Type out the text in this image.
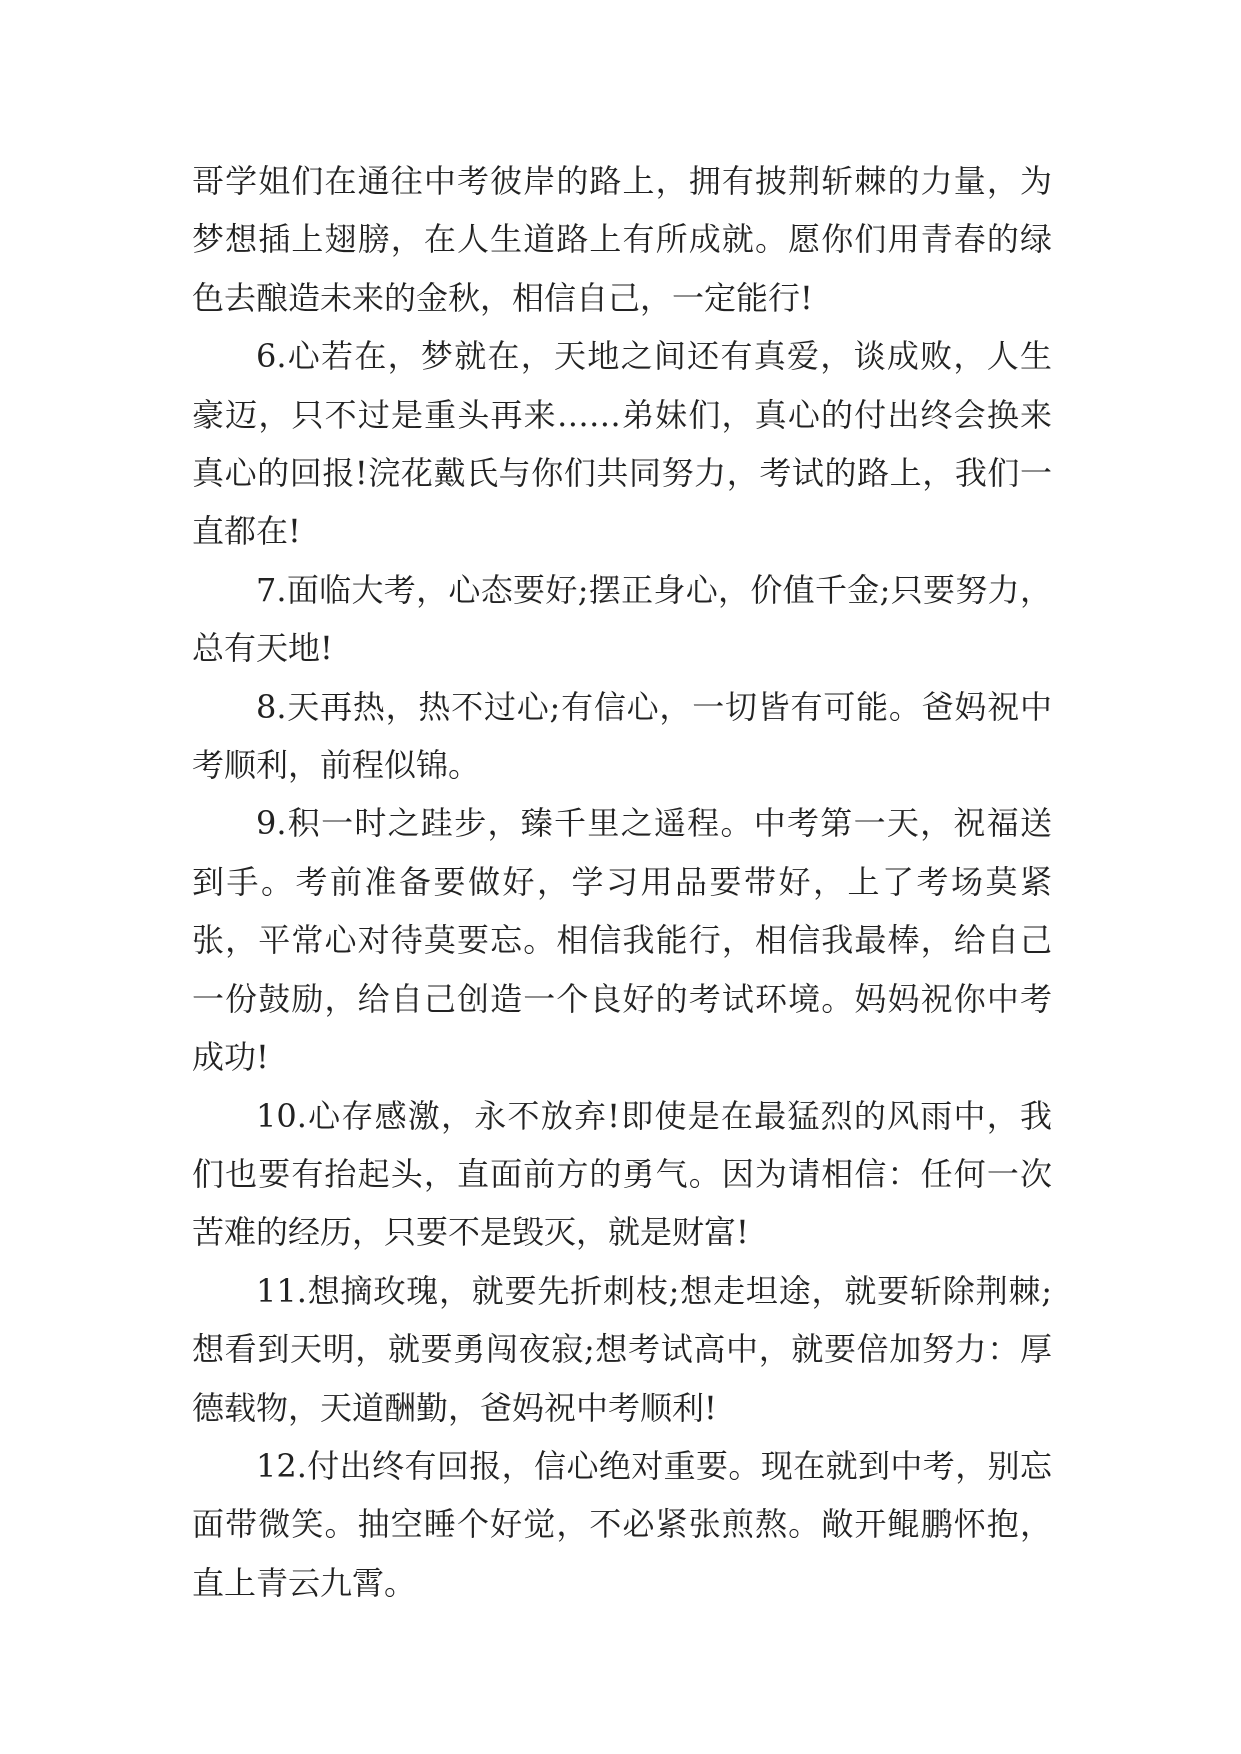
哥学姐们在通往中考彼岸的路上，拥有披荆斩棘的力量，为梦想插上翅膀，在人生道路上有所成就。愿你们用青春的绿色去酿造未来的金秋，相信自己，一定能行!

6.心若在，梦就在，天地之间还有真爱，谈成败，人生豪迈，只不过是重头再来……弟妹们，真心的付出终会换来真心的回报!浣花戴氏与你们共同努力，考试的路上，我们一直都在!

7.面临大考，心态要好;摆正身心，价值千金;只要努力，总有天地!

8.天再热，热不过心;有信心，一切皆有可能。爸妈祝中考顺利，前程似锦。

9.积一时之跬步，臻千里之遥程。中考第一天，祝福送到手。考前准备要做好，学习用品要带好，上了考场莫紧张，平常心对待莫要忘。相信我能行，相信我最棒，给自己一份鼓励，给自己创造一个良好的考试环境。妈妈祝你中考成功!

10.心存感激，永不放弃!即使是在最猛烈的风雨中，我们也要有抬起头，直面前方的勇气。因为请相信：任何一次苦难的经历，只要不是毁灭，就是财富!

11.想摘玫瑰，就要先折刺枝;想走坦途，就要斩除荆棘;想看到天明，就要勇闯夜寂;想考试高中，就要倍加努力：厚德载物，天道酬勤，爸妈祝中考顺利!

12.付出终有回报，信心绝对重要。现在就到中考，别忘面带微笑。抽空睡个好觉，不必紧张煎熬。敞开鲲鹏怀抱，直上青云九霄。
